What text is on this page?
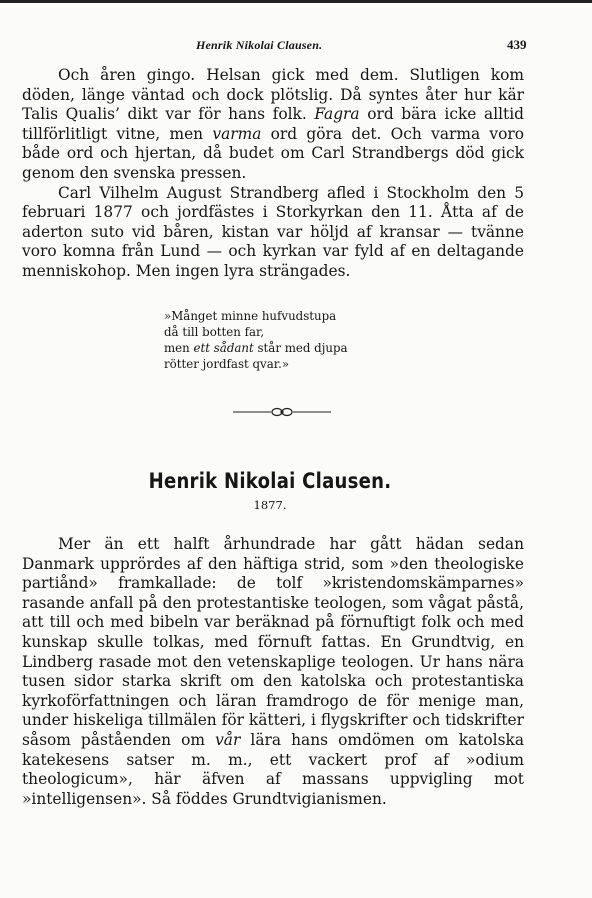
Henrik Nikolai Clausen.	439

Och åren gingo. Helsan gick med dem. Slutligen kom döden, länge väntad och dock plötslig. Då syntes åter hur kär Talis Qualis’ dikt var för hans folk. Fagra ord bära icke alltid tillförlitligt vitne, men varma ord göra det. Och varma voro både ord och hjertan, då budet om Carl Strandbergs död gick genom den svenska pressen.

Carl Vilhelm August Strandberg afled i Stockholm den 5 februari 1877 och jordfästes i Storkyrkan den 11. Åtta af de aderton suto vid båren, kistan var höljd af kransar — tvänne voro komna från Lund — och kyrkan var fyld af en deltagande menniskohop. Men ingen lyra strängades.

»Månget minne hufvudstupa
då till botten far,
men ett sådant står med djupa
rötter jordfast qvar.»
Henrik Nikolai Clausen.
1877.

Mer än ett halft århundrade har gått hädan sedan Danmark upprördes af den häftiga strid, som »den theologiske partiånd» framkallade: de tolf »kristendomskämparnes» rasande anfall på den protestantiske teologen, som vågat påstå, att till och med bibeln var beräknad på förnuftigt folk och med kunskap skulle tolkas, med förnuft fattas. En Grundtvig, en Lindberg rasade mot den vetenskaplige teologen. Ur hans nära tusen sidor starka skrift om den katolska och protestantiska kyrkoförfattningen och läran framdrogo de för menige man, under hiskeliga tillmälen för kätteri, i flygskrifter och tidskrifter såsom påståenden om vår lära hans omdömen om katolska katekesens satser m. m., ett vackert prof af »odium theologicum», här äfven af massans uppvigling mot »intelligensen». Så föddes Grundtvigianismen.
